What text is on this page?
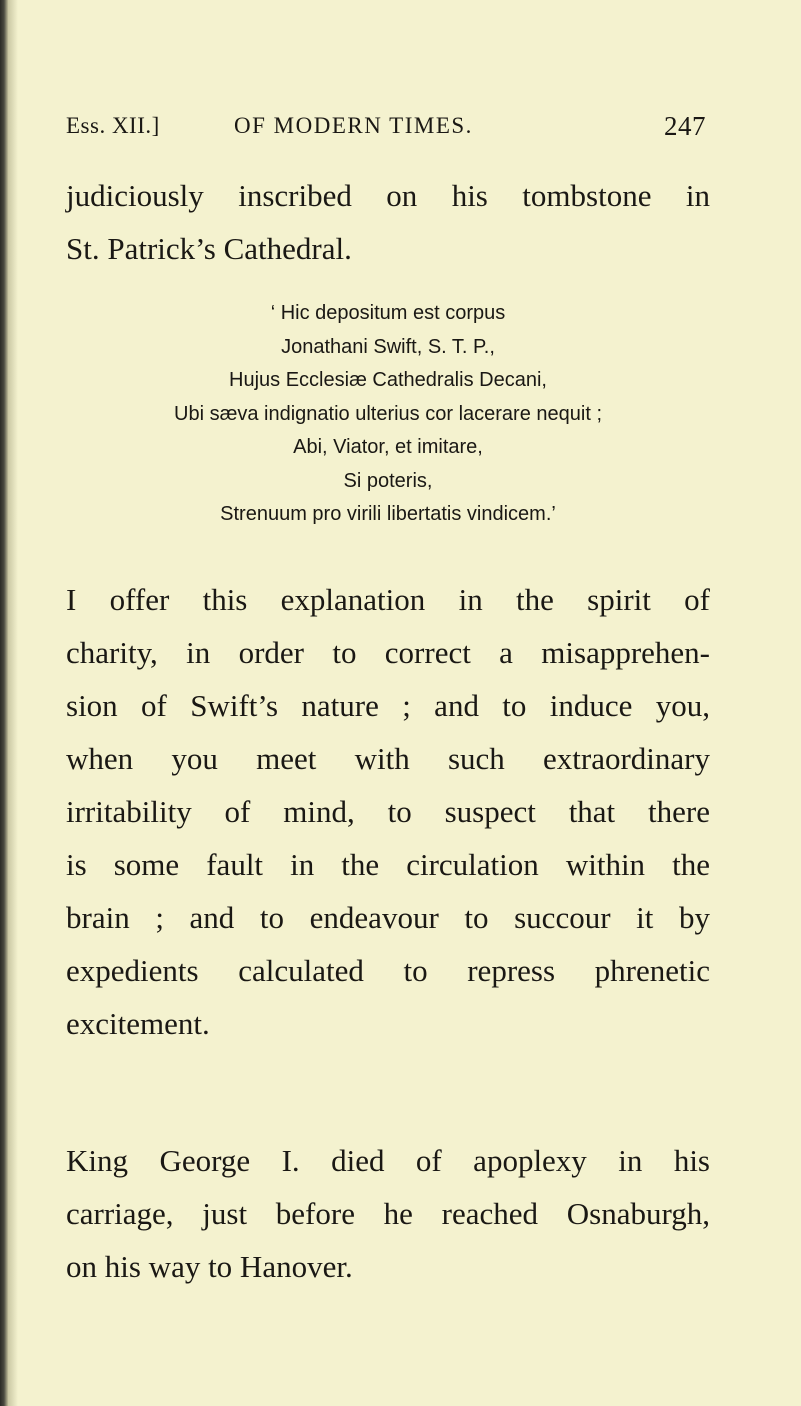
Ess. XII.]	OF MODERN TIMES.	247
judiciously inscribed on his tombstone in
St. Patrick’s Cathedral.
‘ Hic depositum est corpus
Jonathani Swift, S. T. P.,
Hujus Ecclesiæ Cathedralis Decani,
Ubi sæva indignatio ulterius cor lacerare nequit ;
Abi, Viator, et imitare,
Si poteris,
Strenuum pro virili libertatis vindicem.’
I offer this explanation in the spirit of
charity, in order to correct a misapprehen-
sion of Swift’s nature ; and to induce you,
when you meet with such extraordinary
irritability of mind, to suspect that there
is some fault in the circulation within the
brain ; and to endeavour to succour it by
expedients calculated to repress phrenetic
excitement.
King George I. died of apoplexy in his
carriage, just before he reached Osnaburgh,
on his way to Hanover.
